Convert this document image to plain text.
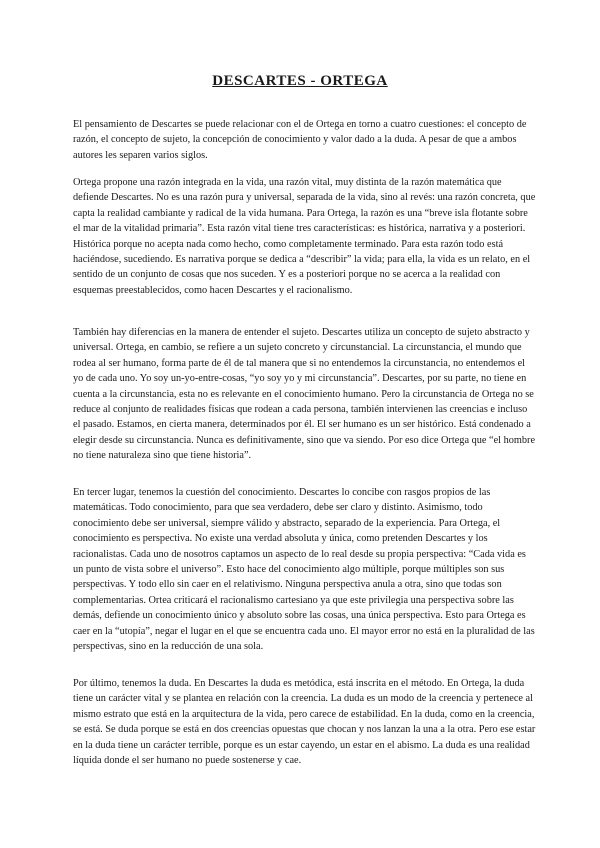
DESCARTES - ORTEGA

El pensamiento de Descartes se puede relacionar con el de Ortega en torno a cuatro cuestiones: el concepto de razón, el concepto de sujeto, la concepción de conocimiento y valor dado a la duda. A pesar de que a ambos autores les separen varios siglos.

Ortega propone una razón integrada en la vida, una razón vital, muy distinta de la razón matemática que defiende Descartes. No es una razón pura y universal, separada de la vida, sino al revés: una razón concreta, que capta la realidad cambiante y radical de la vida humana. Para Ortega, la razón es una “breve isla flotante sobre el mar de la vitalidad primaria”. Esta razón vital tiene tres características: es histórica, narrativa y a posteriori. Histórica porque no acepta nada como hecho, como completamente terminado. Para esta razón todo está haciéndose, sucediendo. Es narrativa porque se dedica a “describir” la vida; para ella, la vida es un relato, en el sentido de un conjunto de cosas que nos suceden. Y es a posteriori porque no se acerca a la realidad con esquemas preestablecidos, como hacen Descartes y el racionalismo.

También hay diferencias en la manera de entender el sujeto. Descartes utiliza un concepto de sujeto abstracto y universal. Ortega, en cambio, se refiere a un sujeto concreto y circunstancial. La circunstancia, el mundo que rodea al ser humano, forma parte de él de tal manera que si no entendemos la circunstancia, no entendemos el yo de cada uno. Yo soy un-yo-entre-cosas, “yo soy yo y mi circunstancia”. Descartes, por su parte, no tiene en cuenta a la circunstancia, esta no es relevante en el conocimiento humano. Pero la circunstancia de Ortega no se reduce al conjunto de realidades físicas que rodean a cada persona, también intervienen las creencias e incluso el pasado. Estamos, en cierta manera, determinados por él. El ser humano es un ser histórico. Está condenado a elegir desde su circunstancia. Nunca es definitivamente, sino que va siendo. Por eso dice Ortega que “el hombre no tiene naturaleza sino que tiene historia”.

En tercer lugar, tenemos la cuestión del conocimiento. Descartes lo concibe con rasgos propios de las matemáticas. Todo conocimiento, para que sea verdadero, debe ser claro y distinto. Asimismo, todo conocimiento debe ser universal, siempre válido y abstracto, separado de la experiencia. Para Ortega, el conocimiento es perspectiva. No existe una verdad absoluta y única, como pretenden Descartes y los racionalistas. Cada uno de nosotros captamos un aspecto de lo real desde su propia perspectiva: “Cada vida es un punto de vista sobre el universo”. Esto hace del conocimiento algo múltiple, porque múltiples son sus perspectivas. Y todo ello sin caer en el relativismo. Ninguna perspectiva anula a otra, sino que todas son complementarias. Ortea criticará el racionalismo cartesiano ya que este privilegia una perspectiva sobre las demás, defiende un conocimiento único y absoluto sobre las cosas, una única perspectiva. Esto para Ortega es caer en la “utopía”, negar el lugar en el que se encuentra cada uno. El mayor error no está en la pluralidad de las perspectivas, sino en la reducción de una sola.

Por último, tenemos la duda. En Descartes la duda es metódica, está inscrita en el método. En Ortega, la duda tiene un carácter vital y se plantea en relación con la creencia. La duda es un modo de la creencia y pertenece al mismo estrato que está en la arquitectura de la vida, pero carece de estabilidad. En la duda, como en la creencia, se está. Se duda porque se está en dos creencias opuestas que chocan y nos lanzan la una a la otra. Pero ese estar en la duda tiene un carácter terrible, porque es un estar cayendo, un estar en el abismo. La duda es una realidad líquida donde el ser humano no puede sostenerse y cae.
